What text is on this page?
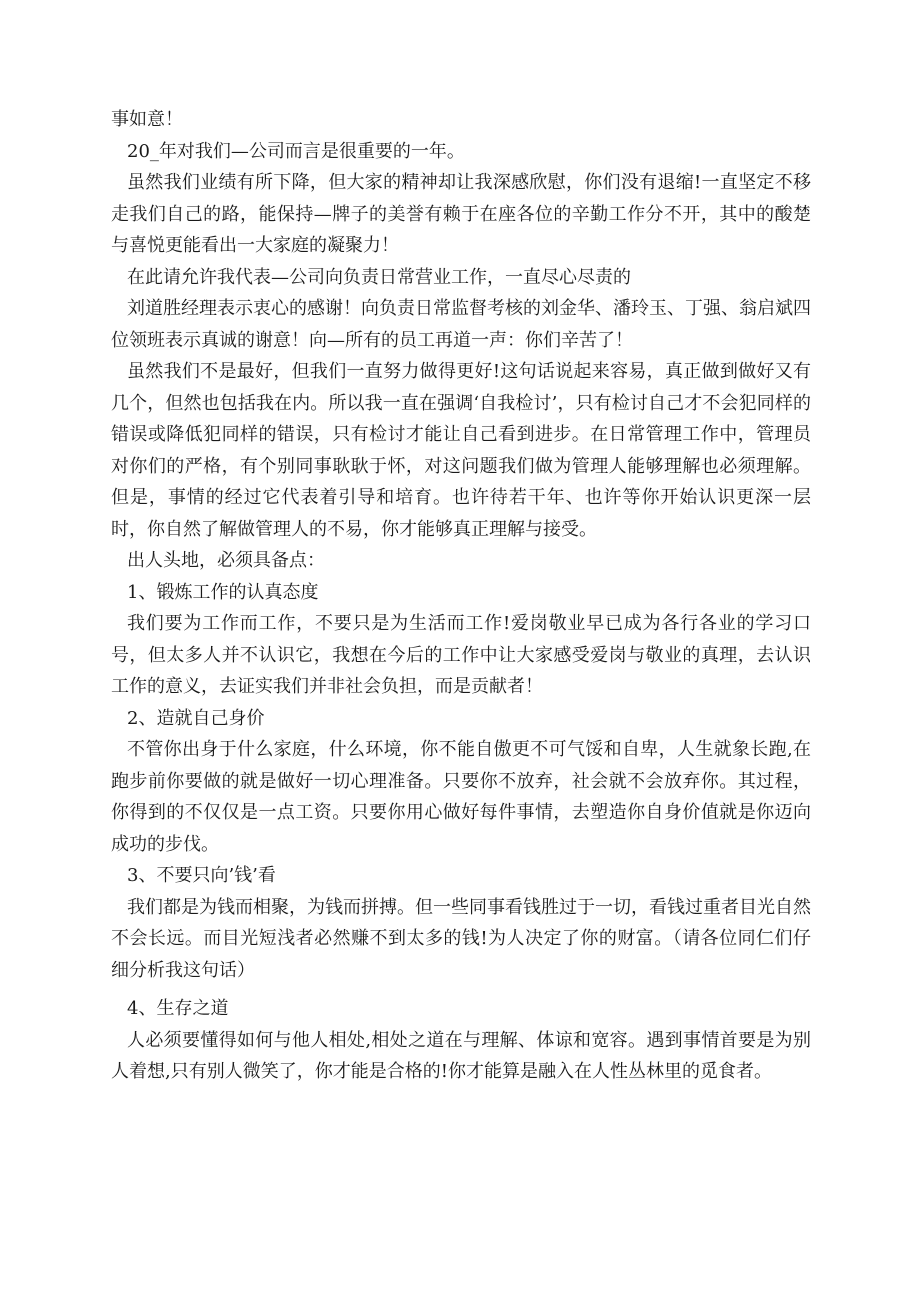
事如意！

20_年对我们—公司而言是很重要的一年。

虽然我们业绩有所下降，但大家的精神却让我深感欣慰，你们没有退缩!一直坚定不移走我们自己的路，能保持—牌子的美誉有赖于在座各位的辛勤工作分不开，其中的酸楚与喜悦更能看出一大家庭的凝聚力！

在此请允许我代表—公司向负责日常营业工作，一直尽心尽责的

刘道胜经理表示衷心的感谢！向负责日常监督考核的刘金华、潘玲玉、丁强、翁启斌四位领班表示真诚的谢意！向—所有的员工再道一声：你们辛苦了！

虽然我们不是最好，但我们一直努力做得更好!这句话说起来容易，真正做到做好又有几个，但然也包括我在内。所以我一直在强调‘自我检讨’，只有检讨自己才不会犯同样的错误或降低犯同样的错误，只有检讨才能让自己看到进步。在日常管理工作中，管理员对你们的严格，有个别同事耿耿于怀，对这问题我们做为管理人能够理解也必须理解。但是，事情的经过它代表着引导和培育。也许待若干年、也许等你开始认识更深一层时，你自然了解做管理人的不易，你才能够真正理解与接受。

出人头地，必须具备点：

1、锻炼工作的认真态度

我们要为工作而工作，不要只是为生活而工作!爱岗敬业早已成为各行各业的学习口号，但太多人并不认识它，我想在今后的工作中让大家感受爱岗与敬业的真理，去认识工作的意义，去证实我们并非社会负担，而是贡献者！

2、造就自己身价

不管你出身于什么家庭，什么环境，你不能自傲更不可气馁和自卑，人生就象长跑,在跑步前你要做的就是做好一切心理准备。只要你不放弃，社会就不会放弃你。其过程，你得到的不仅仅是一点工资。只要你用心做好每件事情，去塑造你自身价值就是你迈向成功的步伐。

3、不要只向’钱’看

我们都是为钱而相聚，为钱而拼搏。但一些同事看钱胜过于一切，看钱过重者目光自然不会长远。而目光短浅者必然赚不到太多的钱!为人决定了你的财富。（请各位同仁们仔细分析我这句话）

4、生存之道

人必须要懂得如何与他人相处,相处之道在与理解、体谅和宽容。遇到事情首要是为别人着想,只有别人微笑了，你才能是合格的!你才能算是融入在人性丛林里的觅食者。
